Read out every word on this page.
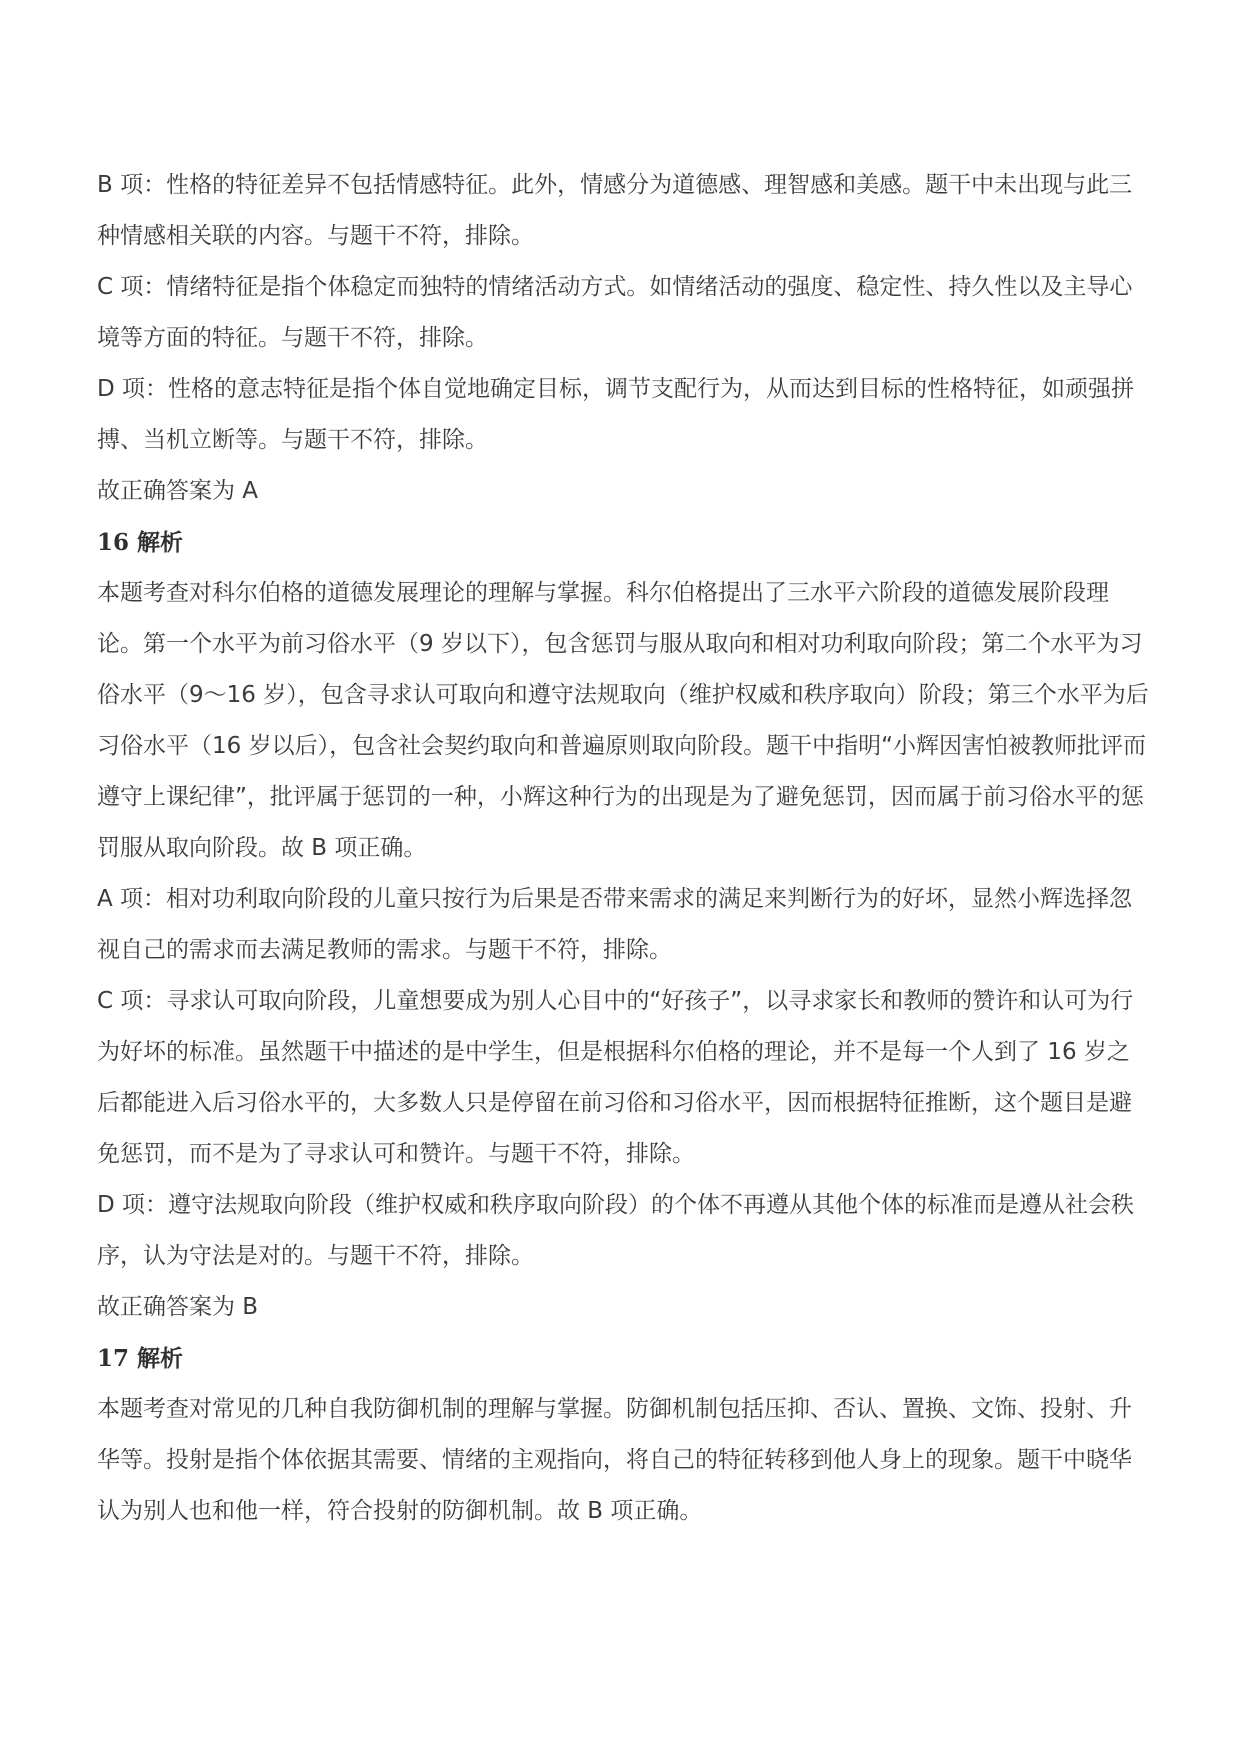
B 项：性格的特征差异不包括情感特征。此外，情感分为道德感、理智感和美感。题干中未出现与此三种情感相关联的内容。与题干不符，排除。

C 项：情绪特征是指个体稳定而独特的情绪活动方式。如情绪活动的强度、稳定性、持久性以及主导心境等方面的特征。与题干不符，排除。

D 项：性格的意志特征是指个体自觉地确定目标，调节支配行为，从而达到目标的性格特征，如顽强拼搏、当机立断等。与题干不符，排除。

故正确答案为 A

16 解析

本题考查对科尔伯格的道德发展理论的理解与掌握。科尔伯格提出了三水平六阶段的道德发展阶段理论。第一个水平为前习俗水平（9 岁以下），包含惩罚与服从取向和相对功利取向阶段；第二个水平为习俗水平（9～16 岁），包含寻求认可取向和遵守法规取向（维护权威和秩序取向）阶段；第三个水平为后习俗水平（16 岁以后），包含社会契约取向和普遍原则取向阶段。题干中指明“小辉因害怕被教师批评而遵守上课纪律”，批评属于惩罚的一种，小辉这种行为的出现是为了避免惩罚，因而属于前习俗水平的惩罚服从取向阶段。故 B 项正确。

A 项：相对功利取向阶段的儿童只按行为后果是否带来需求的满足来判断行为的好坏，显然小辉选择忽视自己的需求而去满足教师的需求。与题干不符，排除。

C 项：寻求认可取向阶段，儿童想要成为别人心目中的“好孩子”，以寻求家长和教师的赞许和认可为行为好坏的标准。虽然题干中描述的是中学生，但是根据科尔伯格的理论，并不是每一个人到了 16 岁之后都能进入后习俗水平的，大多数人只是停留在前习俗和习俗水平，因而根据特征推断，这个题目是避免惩罚，而不是为了寻求认可和赞许。与题干不符，排除。

D 项：遵守法规取向阶段（维护权威和秩序取向阶段）的个体不再遵从其他个体的标准而是遵从社会秩序，认为守法是对的。与题干不符，排除。

故正确答案为 B

17 解析

本题考查对常见的几种自我防御机制的理解与掌握。防御机制包括压抑、否认、置换、文饰、投射、升华等。投射是指个体依据其需要、情绪的主观指向，将自己的特征转移到他人身上的现象。题干中晓华认为别人也和他一样，符合投射的防御机制。故 B 项正确。
